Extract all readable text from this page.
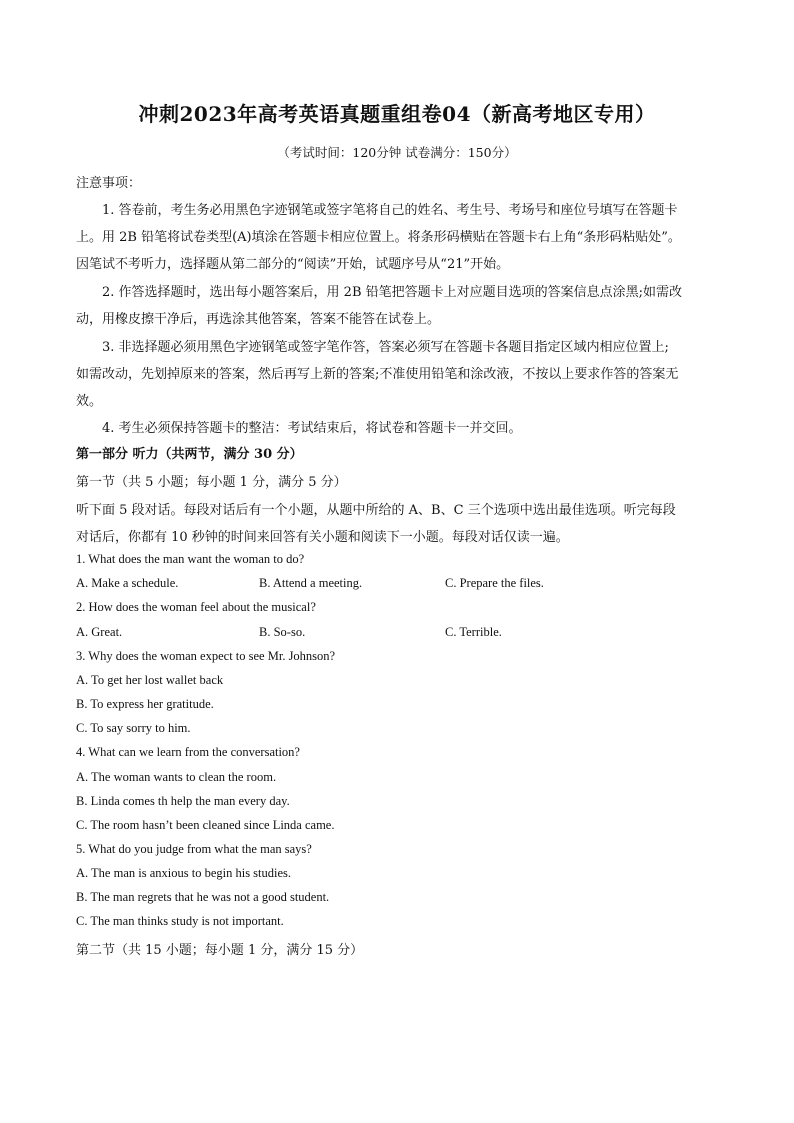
冲刺2023年高考英语真题重组卷04（新高考地区专用）
（考试时间：120分钟 试卷满分：150分）
注意事项：
1. 答卷前，考生务必用黑色字迹钢笔或签字笔将自己的姓名、考生号、考场号和座位号填写在答题卡
上。用 2B 铅笔将试卷类型(A)填涂在答题卡相应位置上。将条形码横贴在答题卡右上角“条形码粘贴处”。
因笔试不考听力，选择题从第二部分的“阅读”开始，试题序号从“21”开始。
2. 作答选择题时，选出每小题答案后，用 2B 铅笔把答题卡上对应题目选项的答案信息点涂黑;如需改
动，用橡皮擦干净后，再选涂其他答案，答案不能答在试卷上。
3. 非选择题必须用黑色字迹钢笔或签字笔作答，答案必须写在答题卡各题目指定区域内相应位置上;
如需改动，先划掉原来的答案，然后再写上新的答案;不准使用铅笔和涂改液，不按以上要求作答的答案无
效。
4. 考生必须保持答题卡的整洁：考试结束后，将试卷和答题卡一并交回。
第一部分 听力（共两节，满分 30 分）
第一节（共 5 小题；每小题 1 分，满分 5 分）
听下面 5 段对话。每段对话后有一个小题，从题中所给的 A、B、C 三个选项中选出最佳选项。听完每段
对话后，你都有 10 秒钟的时间来回答有关小题和阅读下一小题。每段对话仅读一遍。
1. What does the man want the woman to do?
A. Make a schedule.	B. Attend a meeting.	C. Prepare the files.
2. How does the woman feel about the musical?
A. Great.	B. So-so.	C. Terrible.
3. Why does the woman expect to see Mr. Johnson?
A. To get her lost wallet back
B. To express her gratitude.
C. To say sorry to him.
4. What can we learn from the conversation?
A. The woman wants to clean the room.
B. Linda comes th help the man every day.
C. The room hasn’t been cleaned since Linda came.
5. What do you judge from what the man says?
A. The man is anxious to begin his studies.
B. The man regrets that he was not a good student.
C. The man thinks study is not important.
第二节（共 15 小题；每小题 1 分，满分 15 分）
